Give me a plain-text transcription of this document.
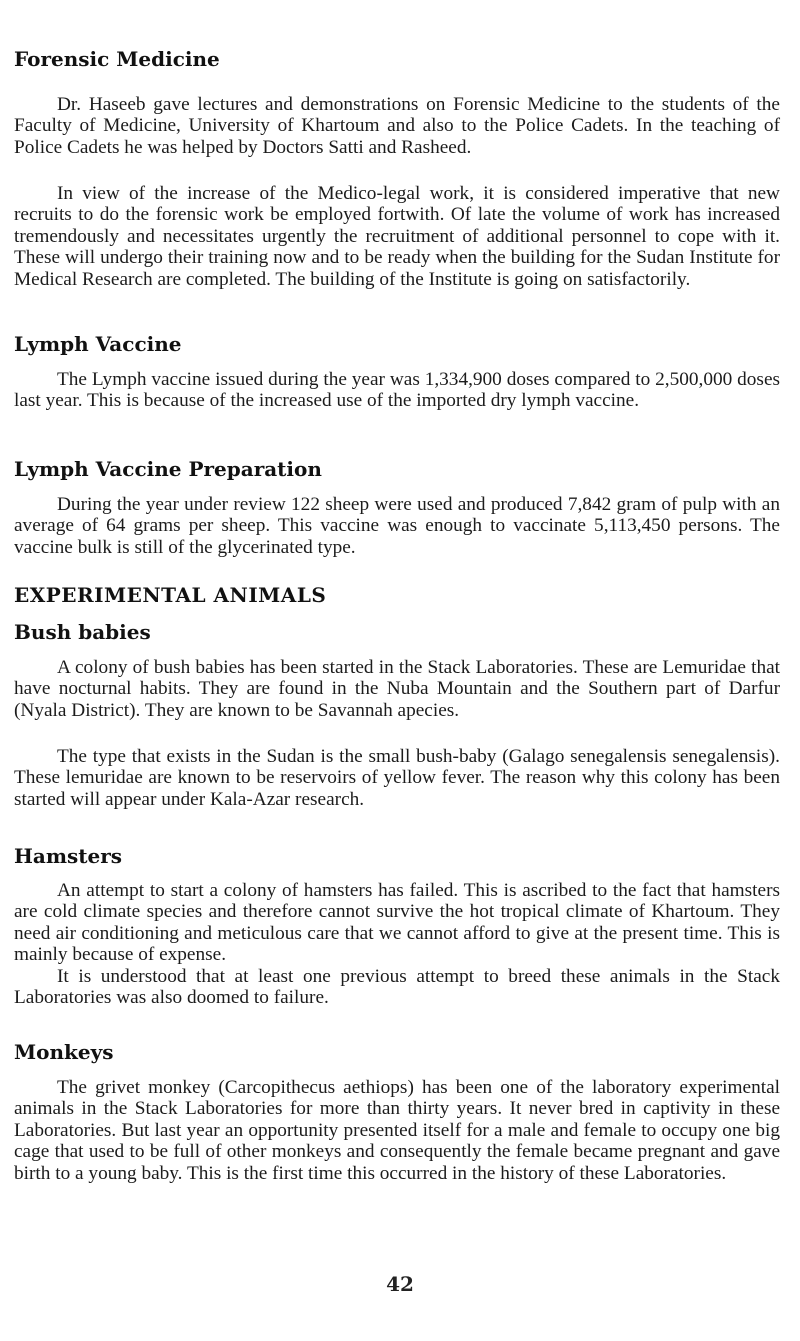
Forensic Medicine

Dr. Haseeb gave lectures and demonstrations on Forensic Medicine to the students of the Faculty of Medicine, University of Khartoum and also to the Police Cadets. In the teaching of Police Cadets he was helped by Doctors Satti and Rasheed.

In view of the increase of the Medico-legal work, it is considered imperative that new recruits to do the forensic work be employed fortwith. Of late the volume of work has increased tremendously and necessitates urgently the recruitment of additional personnel to cope with it. These will undergo their training now and to be ready when the building for the Sudan Institute for Medical Research are completed. The building of the Institute is going on satisfactorily.

Lymph Vaccine

The Lymph vaccine issued during the year was 1,334,900 doses compared to 2,500,000 doses last year. This is because of the increased use of the imported dry lymph vaccine.

Lymph Vaccine Preparation

During the year under review 122 sheep were used and produced 7,842 gram of pulp with an average of 64 grams per sheep. This vaccine was enough to vaccinate 5,113,450 persons. The vaccine bulk is still of the glycerinated type.

EXPERIMENTAL ANIMALS
Bush babies

A colony of bush babies has been started in the Stack Laboratories. These are Lemuridae that have nocturnal habits. They are found in the Nuba Mountain and the Southern part of Darfur (Nyala District). They are known to be Savannah apecies.

The type that exists in the Sudan is the small bush-baby (Galago senegalensis senegalensis). These lemuridae are known to be reservoirs of yellow fever. The reason why this colony has been started will appear under Kala-Azar research.

Hamsters

An attempt to start a colony of hamsters has failed. This is ascribed to the fact that hamsters are cold climate species and therefore cannot survive the hot tropical climate of Khartoum. They need air conditioning and meticulous care that we cannot afford to give at the present time. This is mainly because of expense.

It is understood that at least one previous attempt to breed these animals in the Stack Laboratories was also doomed to failure.

Monkeys

The grivet monkey (Carcopithecus aethiops) has been one of the laboratory experimental animals in the Stack Laboratories for more than thirty years. It never bred in captivity in these Laboratories. But last year an opportunity presented itself for a male and female to occupy one big cage that used to be full of other monkeys and consequently the female became pregnant and gave birth to a young baby. This is the first time this occurred in the history of these Laboratories.

42
